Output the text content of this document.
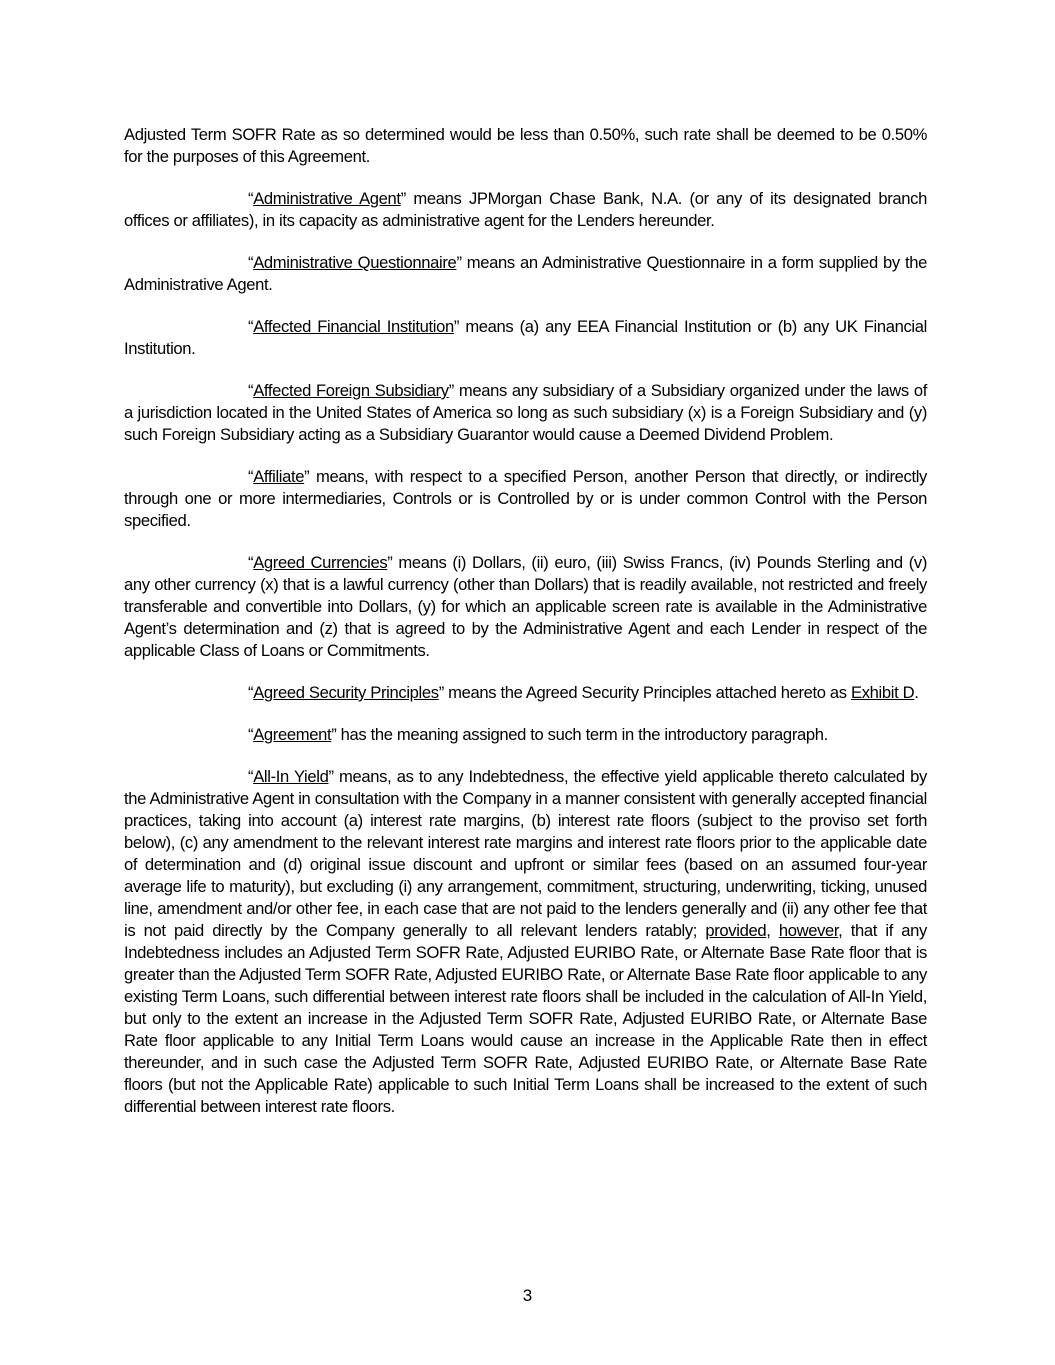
Adjusted Term SOFR Rate as so determined would be less than 0.50%, such rate shall be deemed to be 0.50% for the purposes of this Agreement.

“Administrative Agent” means JPMorgan Chase Bank, N.A. (or any of its designated branch offices or affiliates), in its capacity as administrative agent for the Lenders hereunder.

“Administrative Questionnaire” means an Administrative Questionnaire in a form supplied by the Administrative Agent.

“Affected Financial Institution” means (a) any EEA Financial Institution or (b) any UK Financial Institution.

“Affected Foreign Subsidiary” means any subsidiary of a Subsidiary organized under the laws of a jurisdiction located in the United States of America so long as such subsidiary (x) is a Foreign Subsidiary and (y) such Foreign Subsidiary acting as a Subsidiary Guarantor would cause a Deemed Dividend Problem.

“Affiliate” means, with respect to a specified Person, another Person that directly, or indirectly through one or more intermediaries, Controls or is Controlled by or is under common Control with the Person specified.

“Agreed Currencies” means (i) Dollars, (ii) euro, (iii) Swiss Francs, (iv) Pounds Sterling and (v) any other currency (x) that is a lawful currency (other than Dollars) that is readily available, not restricted and freely transferable and convertible into Dollars, (y) for which an applicable screen rate is available in the Administrative Agent’s determination and (z) that is agreed to by the Administrative Agent and each Lender in respect of the applicable Class of Loans or Commitments.

“Agreed Security Principles” means the Agreed Security Principles attached hereto as Exhibit D.

“Agreement” has the meaning assigned to such term in the introductory paragraph.

“All-In Yield” means, as to any Indebtedness, the effective yield applicable thereto calculated by the Administrative Agent in consultation with the Company in a manner consistent with generally accepted financial practices, taking into account (a) interest rate margins, (b) interest rate floors (subject to the proviso set forth below), (c) any amendment to the relevant interest rate margins and interest rate floors prior to the applicable date of determination and (d) original issue discount and upfront or similar fees (based on an assumed four-year average life to maturity), but excluding (i) any arrangement, commitment, structuring, underwriting, ticking, unused line, amendment and/or other fee, in each case that are not paid to the lenders generally and (ii) any other fee that is not paid directly by the Company generally to all relevant lenders ratably; provided, however, that if any Indebtedness includes an Adjusted Term SOFR Rate, Adjusted EURIBO Rate, or Alternate Base Rate floor that is greater than the Adjusted Term SOFR Rate, Adjusted EURIBO Rate, or Alternate Base Rate floor applicable to any existing Term Loans, such differential between interest rate floors shall be included in the calculation of All-In Yield, but only to the extent an increase in the Adjusted Term SOFR Rate, Adjusted EURIBO Rate, or Alternate Base Rate floor applicable to any Initial Term Loans would cause an increase in the Applicable Rate then in effect thereunder, and in such case the Adjusted Term SOFR Rate, Adjusted EURIBO Rate, or Alternate Base Rate floors (but not the Applicable Rate) applicable to such Initial Term Loans shall be increased to the extent of such differential between interest rate floors.

3
